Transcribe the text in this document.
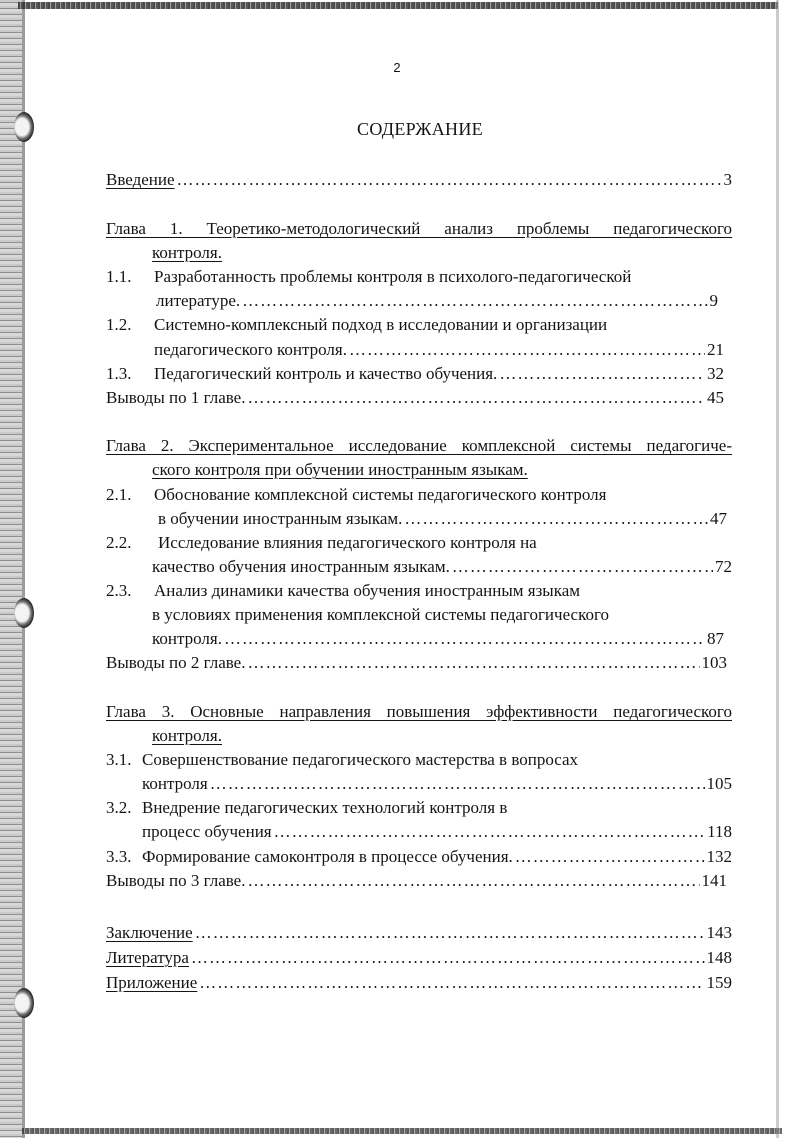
2
СОДЕРЖАНИЕ
Введение ………………………………………………………………………………………………………………………………	3
Глава 1. Теоретико-методологический анализ проблемы педагогического
контроля.
1.1. Разработанность проблемы контроля в психолого-педагогической
литературе. ………………………………………………………………………………………………………………………………	9
1.2. Системно-комплексный подход в исследовании и организации
педагогического контроля. ………………………………………………………………………………………………………………………………	21
1.3. Педагогический контроль и качество обучения. ………………………………………………………………………………………………………………………………	32
Выводы по 1 главе. ………………………………………………………………………………………………………………………………	45
Глава 2. Экспериментальное исследование комплексной системы педагогиче-
ского контроля при обучении иностранным языкам.
2.1. Обоснование комплексной системы педагогического контроля
в обучении иностранным языкам. ………………………………………………………………………………………………………………………………	47
2.2. Исследование влияния педагогического контроля на
качество обучения иностранным языкам. ………………………………………………………………………………………………………………………………	72
2.3. Анализ динамики качества обучения иностранным языкам
в условиях применения комплексной системы педагогического
контроля. ………………………………………………………………………………………………………………………………	87
Выводы по 2 главе. ………………………………………………………………………………………………………………………………	103
Глава 3. Основные направления повышения эффективности педагогического
контроля.
3.1. Совершенствование педагогического мастерства в вопросах
контроля ………………………………………………………………………………………………………………………………	105
3.2. Внедрение педагогических технологий контроля в
процесс обучения ………………………………………………………………………………………………………………………………	118
3.3. Формирование самоконтроля в процессе обучения. ………………………………………………………………………………………………………………………………	132
Выводы по 3 главе. ………………………………………………………………………………………………………………………………	141
Заключение ………………………………………………………………………………………………………………………………	143
Литература ………………………………………………………………………………………………………………………………	148
Приложение ………………………………………………………………………………………………………………………………	159
